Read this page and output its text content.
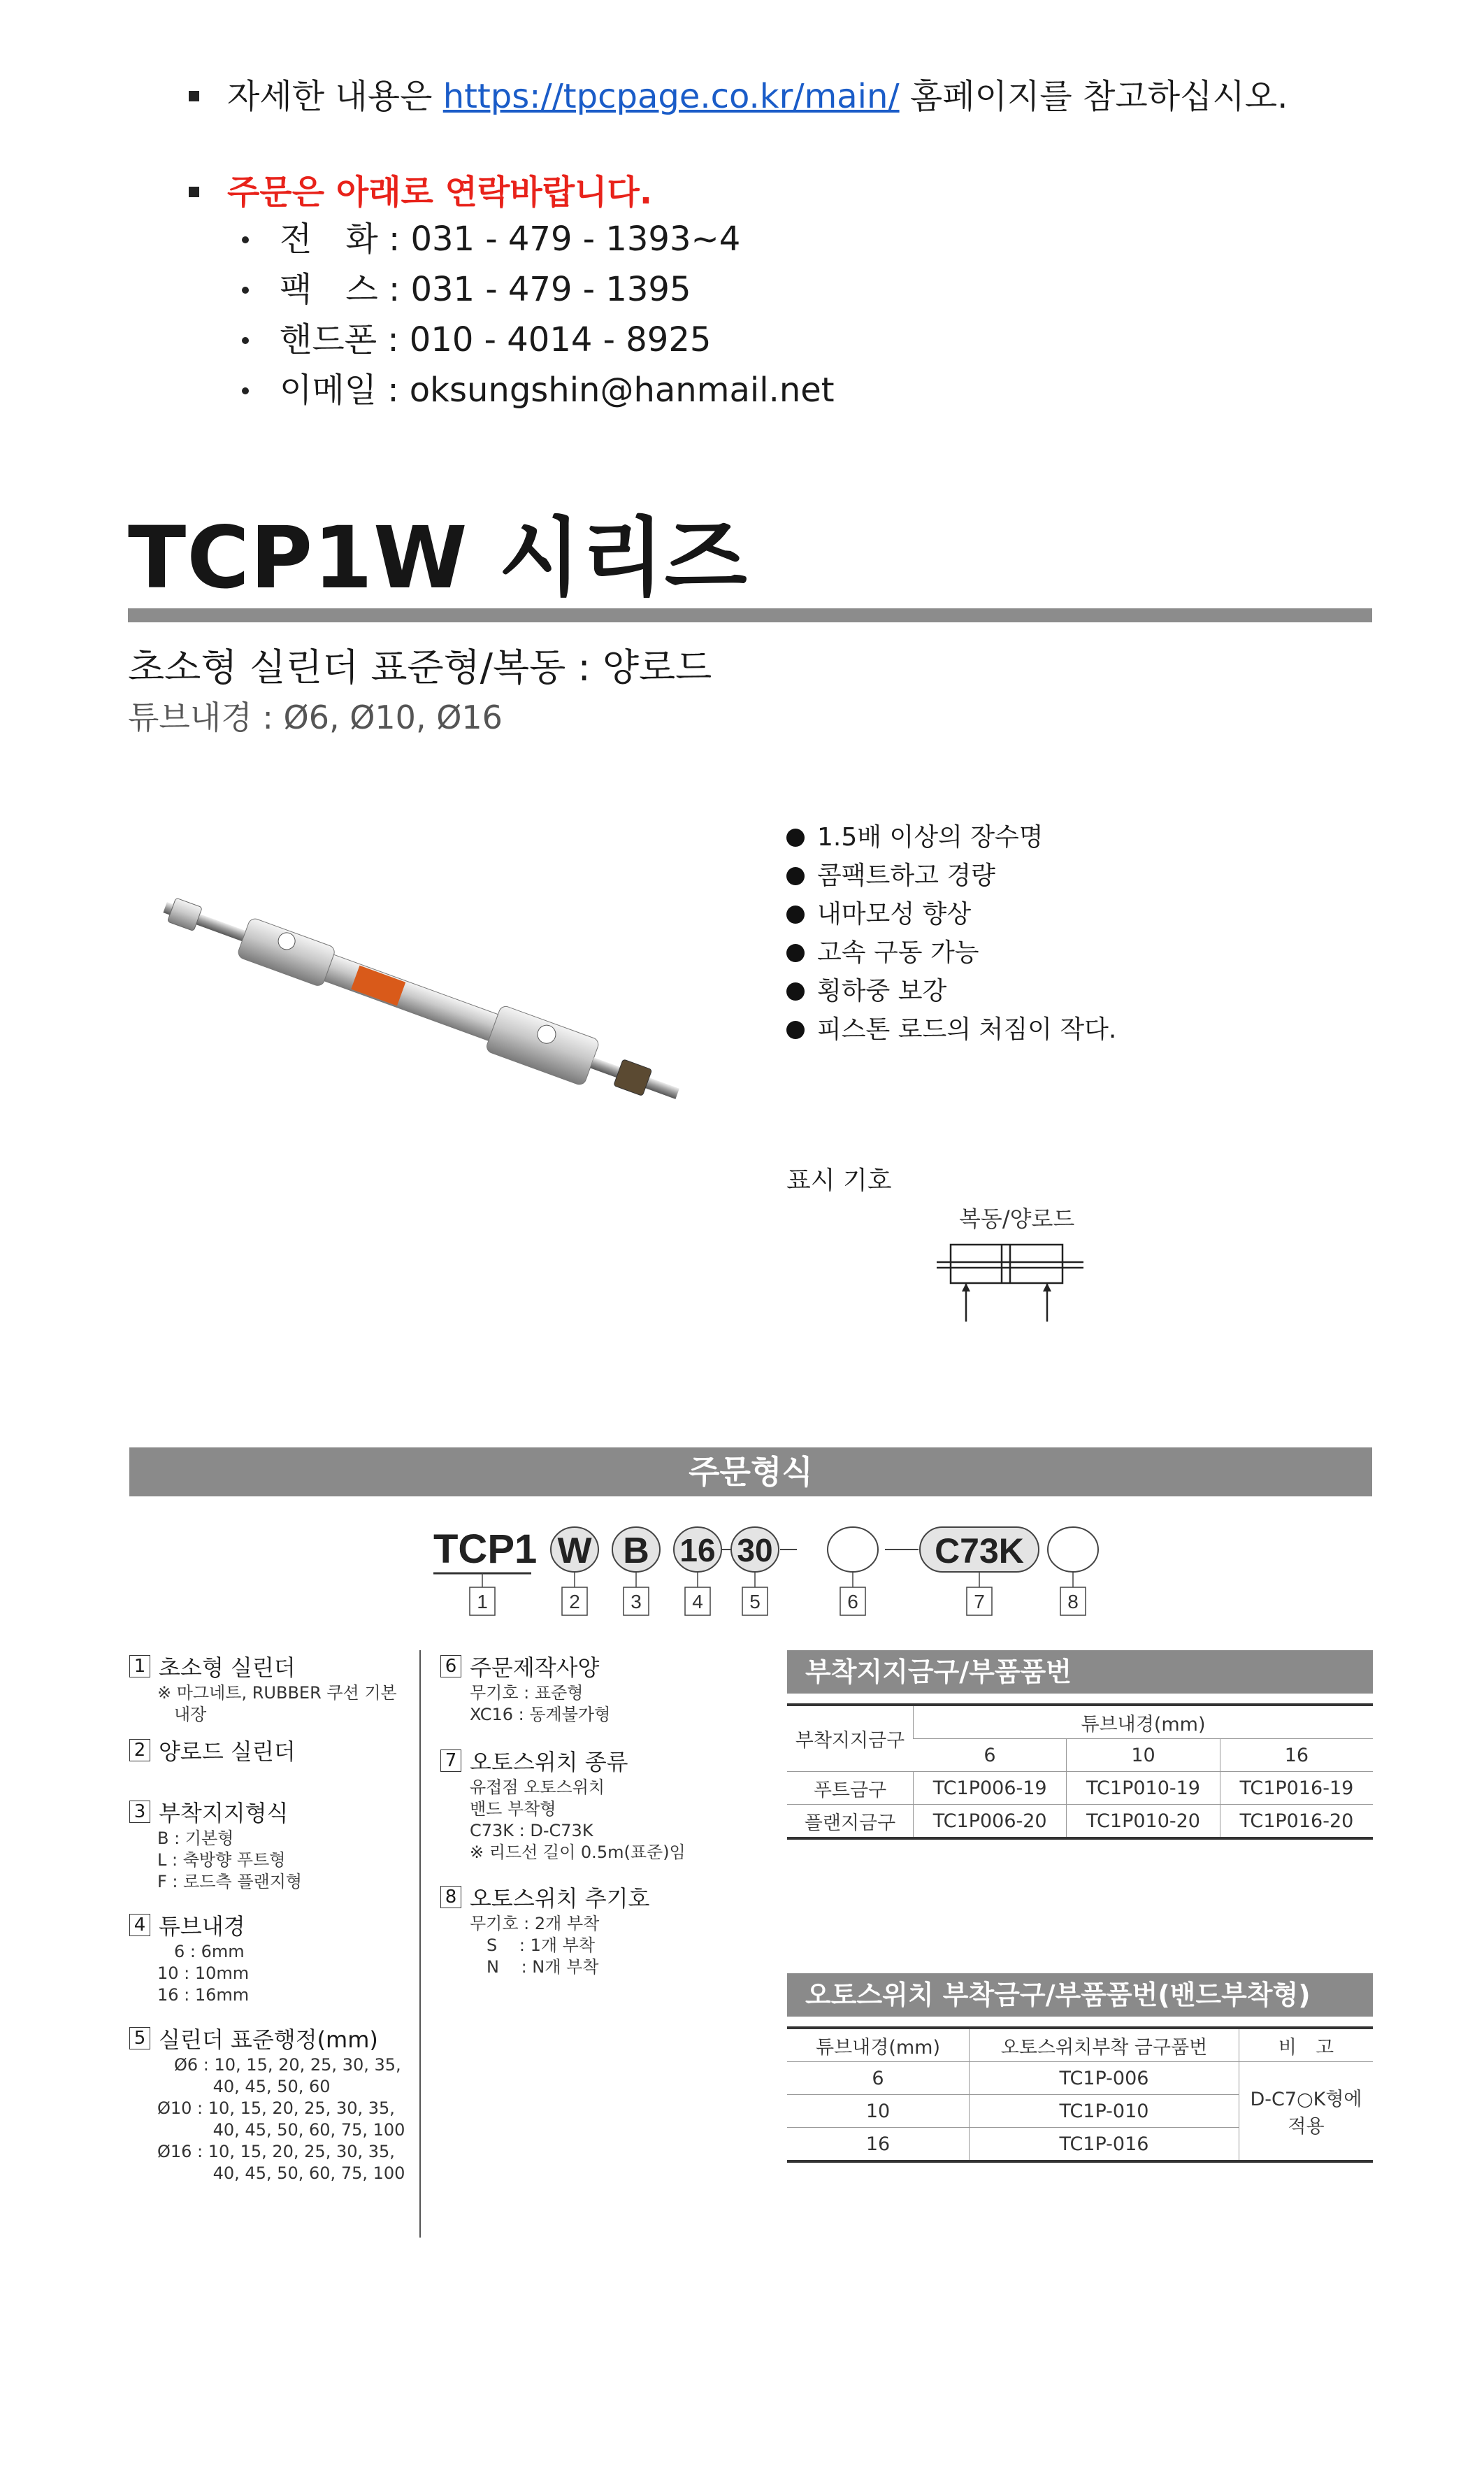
자세한 내용은 https://tpcpage.co.kr/main/ 홈페이지를 참고하십시오.
주문은 아래로 연락바랍니다.
전　화 : 031 - 479 - 1393~4
팩　스 : 031 - 479 - 1395
핸드폰 : 010 - 4014 - 8925
이메일 : oksungshin@hanmail.net
TCP1W 시리즈
초소형 실린더 표준형/복동 : 양로드
튜브내경 : Ø6, Ø10, Ø16
1.5배 이상의 장수명
콤팩트하고 경량
내마모성 향상
고속 구동 가능
횡하중 보강
피스톤 로드의 처짐이 작다.
표시 기호
복동/양로드
주문형식
TCP1 W B 16 30	C73K
1	2	3	4 5	6	7	8
1 초소형 실린더
※ 마그네트, RUBBER 쿠션 기본
　내장
2 양로드 실린더
3 부착지지형식
B : 기본형
L : 축방향 푸트형
F : 로드측 플랜지형
4 튜브내경
　6 : 6mm
10 : 10mm
16 : 16mm
5 실린더 표준행정(mm)
　Ø6 : 10, 15, 20, 25, 30, 35,
　　　 40, 45, 50, 60
Ø10 : 10, 15, 20, 25, 30, 35,
　　　 40, 45, 50, 60, 75, 100
Ø16 : 10, 15, 20, 25, 30, 35,
　　　 40, 45, 50, 60, 75, 100
6 주문제작사양
무기호 : 표준형
XC16 : 동계불가형
7 오토스위치 종류
유접점 오토스위치
밴드 부착형
C73K : D-C73K
※ 리드선 길이 0.5m(표준)임
8 오토스위치 추기호
무기호 : 2개 부착
　S　 : 1개 부착
　N　 : N개 부착
부착지지금구/부품품번
부착지지금구	튜브내경(mm)		
	6	10	16
푸트금구	TC1P006-19	TC1P010-19	TC1P016-19
플랜지금구	TC1P006-20	TC1P010-20	TC1P016-20
오토스위치 부착금구/부품품번(밴드부착형)
튜브내경(mm)	오토스위치부착 금구품번	비　고
6	TC1P-006	D-C7○K형에 적용
10	TC1P-010	
16	TC1P-016	
